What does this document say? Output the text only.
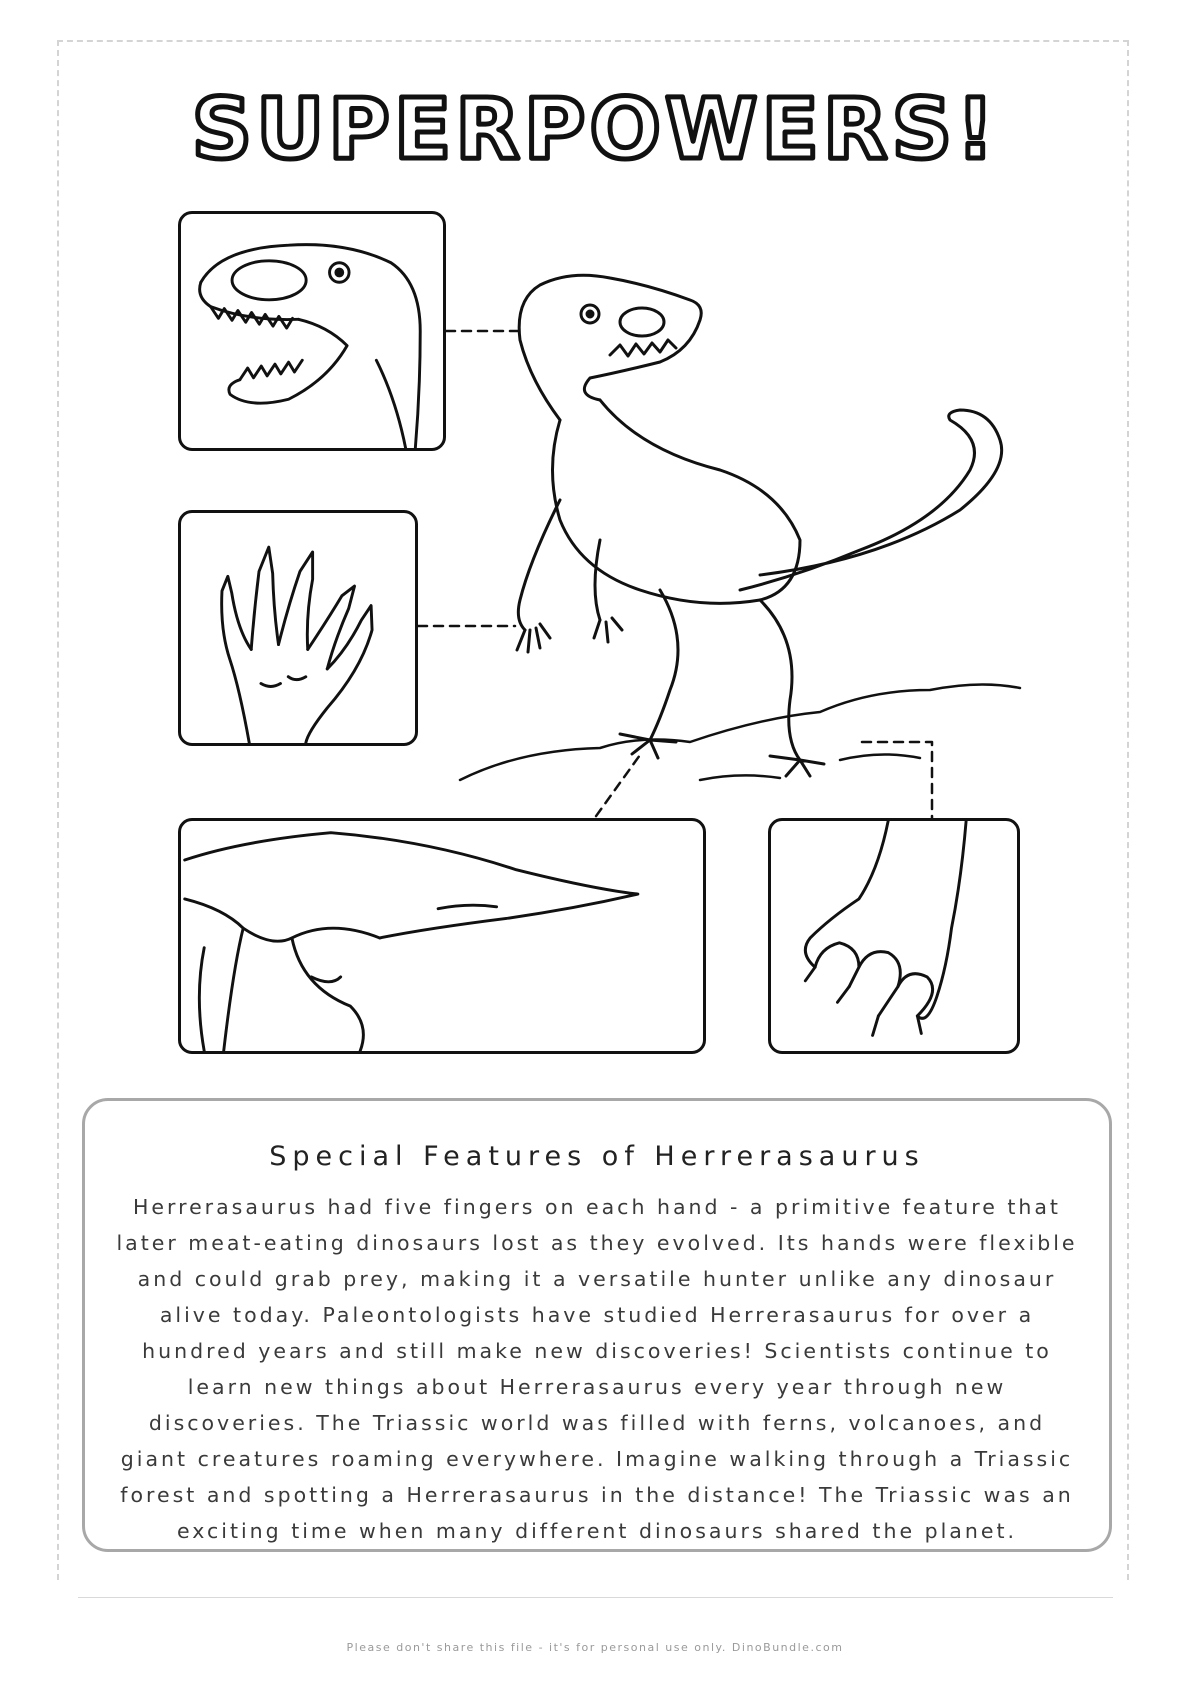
SUPERPOWERS!
Special Features of Herrerasaurus
Herrerasaurus had five fingers on each hand - a primitive feature that later meat-eating dinosaurs lost as they evolved. Its hands were flexible and could grab prey, making it a versatile hunter unlike any dinosaur alive today. Paleontologists have studied Herrerasaurus for over a hundred years and still make new discoveries! Scientists continue to learn new things about Herrerasaurus every year through new discoveries. The Triassic world was filled with ferns, volcanoes, and giant creatures roaming everywhere. Imagine walking through a Triassic forest and spotting a Herrerasaurus in the distance! The Triassic was an exciting time when many different dinosaurs shared the planet.
Please don't share this file - it's for personal use only. DinoBundle.com
